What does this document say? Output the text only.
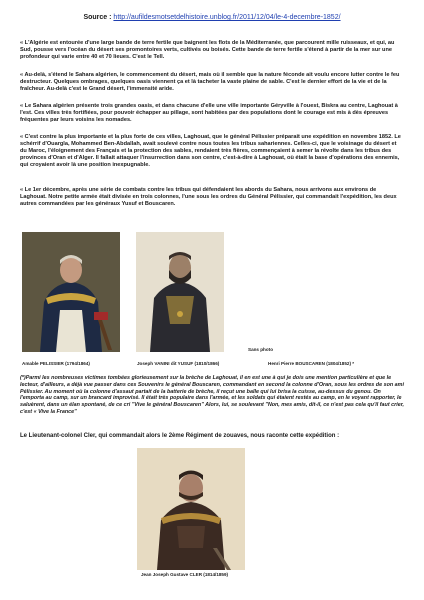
Source : http://aufildesmotsetdelhistoire.unblog.fr/2011/12/04/le-4-decembre-1852/

« L'Algérie est entourée d'une large bande de terre fertile que baignent les flots de la Méditerranée, que parcourent mille ruisseaux, et qui, au Sud, pousse vers l'océan du désert ses promontoires verts, cultivés ou boisés. Cette bande de terre fertile s'étend à partir de la mer sur une profondeur qui varie entre 40 et 70 lieues. C'est le Tell.

« Au-delà, s'étend le Sahara algérien, le commencement du désert, mais où il semble que la nature féconde ait voulu encore lutter contre le feu destructeur. Quelques ombrages, quelques oasis viennent ça et là tacheter la vaste plaine de sable. C'est le dernier effort de la vie et de la fraîcheur. Au-delà c'est le Grand désert, l'immensité aride.

« Le Sahara algérien présente trois grandes oasis, et dans chacune d'elle une ville importante Géryville à l'ouest, Biskra au centre, Laghouat à l'est. Ces villes très fortifiées, pour pouvoir échapper au pillage, sont habitées par des populations dont le courage est mis à dès épreuves fréquentes par leurs voisins les nomades.

« C'est contre la plus importante et la plus forte de ces villes, Laghouat, que le général Pélissier préparait une expédition en novembre 1852. Le schérrif d'Ouargla, Mohammed Ben-Abdallah, avait soulevé contre nous toutes les tribus sahariennes. Celles-ci, que le voisinage du désert et du Maroc, l'éloignement des Français et la protection des sables, rendaient très fières, commençaient à semer la révolte dans les tribus des provinces d'Oran et d'Alger. Il fallait attaquer l'insurrection dans son centre, c'est-à-dire à Laghouat, où était la base d'opérations des ennemis, qui croyaient avoir là une position inexpugnable.

« Le 1er décembre, après une série de combats contre les tribus qui défendaient les abords du Sahara, nous arrivons aux environs de Laghouat. Notre petite armée était divisée en trois colonnes, l'une sous les ordres du Général Pélissier, qui commandait l'expédition, les deux autres commandées par les généraux Yusuf et Bouscaren.

Sans photo
Amable PELISSIER (1794/1864)	Joseph VANINI dit YUSUF (1810/1866)	Henri Pierre BOUSCAREN (1804/1852) *

(*)Parmi les nombreuses victimes tombées glorieusement sur la brèche de Laghouat, il en est une à qui je dois une mention particulière et que le lecteur, d'ailleurs, a déjà vue passer dans ces Souvenirs le général Bouscaren, commandant en second la colonne d'Oran, sous les ordres de son ami Pélissier. Au moment où la colonne d'assaut partait de la batterie de brèche, il reçut une balle qui lui brisa la cuisse, au-dessus du genou. On l'emporta au camp, sur un brancard improvisé. Il était très populaire dans l'armée, et les soldats qui étaient restés au camp, en le voyant rapporter, le saluèrent, dans un élan spontané, de ce cri "Vive le général Bouscaren" Alors, lui, se soulevant "Non, mes amis, dit-il, ce n'est pas cela qu'il faut crier, c'est « Vive la France"

Le Lieutenant-colonel Cler, qui commandait alors le 2ème Régiment de zouaves, nous raconte cette expédition :
Jean Joseph Gustave CLER (1814/1859)
